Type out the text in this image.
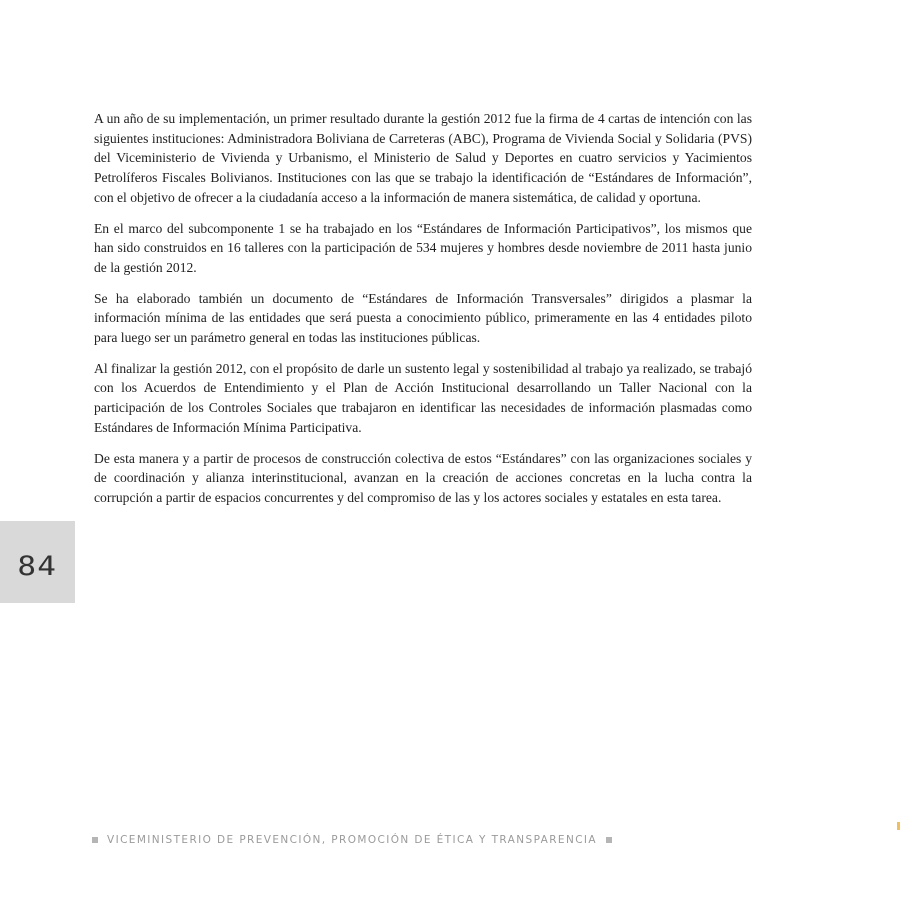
A un año de su implementación, un primer resultado durante la gestión 2012 fue la firma de 4 cartas de intención con las siguientes instituciones: Administradora Boliviana de Carreteras (ABC), Programa de Vivienda Social y Solidaria (PVS) del Viceministerio de Vivienda y Urbanismo, el Ministerio de Salud y Deportes en cuatro servicios y Yacimientos Petrolíferos Fiscales Bolivianos. Instituciones con las que se trabajo la identificación de “Estándares de Información”, con el objetivo de ofrecer a la ciudadanía acceso a la información de manera sistemática, de calidad y oportuna.

En el marco del subcomponente 1 se ha trabajado en los “Estándares de Información Participativos”, los mismos que han sido construidos en 16 talleres con la participación de 534 mujeres y hombres desde noviembre de 2011 hasta junio de la gestión 2012.

Se ha elaborado también un documento de “Estándares de Información Transversales” dirigidos a plasmar la información mínima de las entidades que será puesta a conocimiento público, primeramente en las 4 entidades piloto para luego ser un parámetro general en todas las instituciones públicas.

Al finalizar la gestión 2012, con el propósito de darle un sustento legal y sostenibilidad al trabajo ya realizado, se trabajó con los Acuerdos de Entendimiento y el Plan de Acción Institucional desarrollando un Taller Nacional con la participación de los Controles Sociales que trabajaron en identificar las necesidades de información plasmadas como Estándares de Información Mínima Participativa.

De esta manera y a partir de procesos de construcción colectiva de estos “Estándares” con las organizaciones sociales y de coordinación y alianza interinstitucional, avanzan en la creación de acciones concretas en la lucha contra la corrupción a partir de espacios concurrentes y del compromiso de las y los actores sociales y estatales en esta tarea.

84
VICEMINISTERIO DE PREVENCIÓN, PROMOCIÓN DE ÉTICA Y TRANSPARENCIA
